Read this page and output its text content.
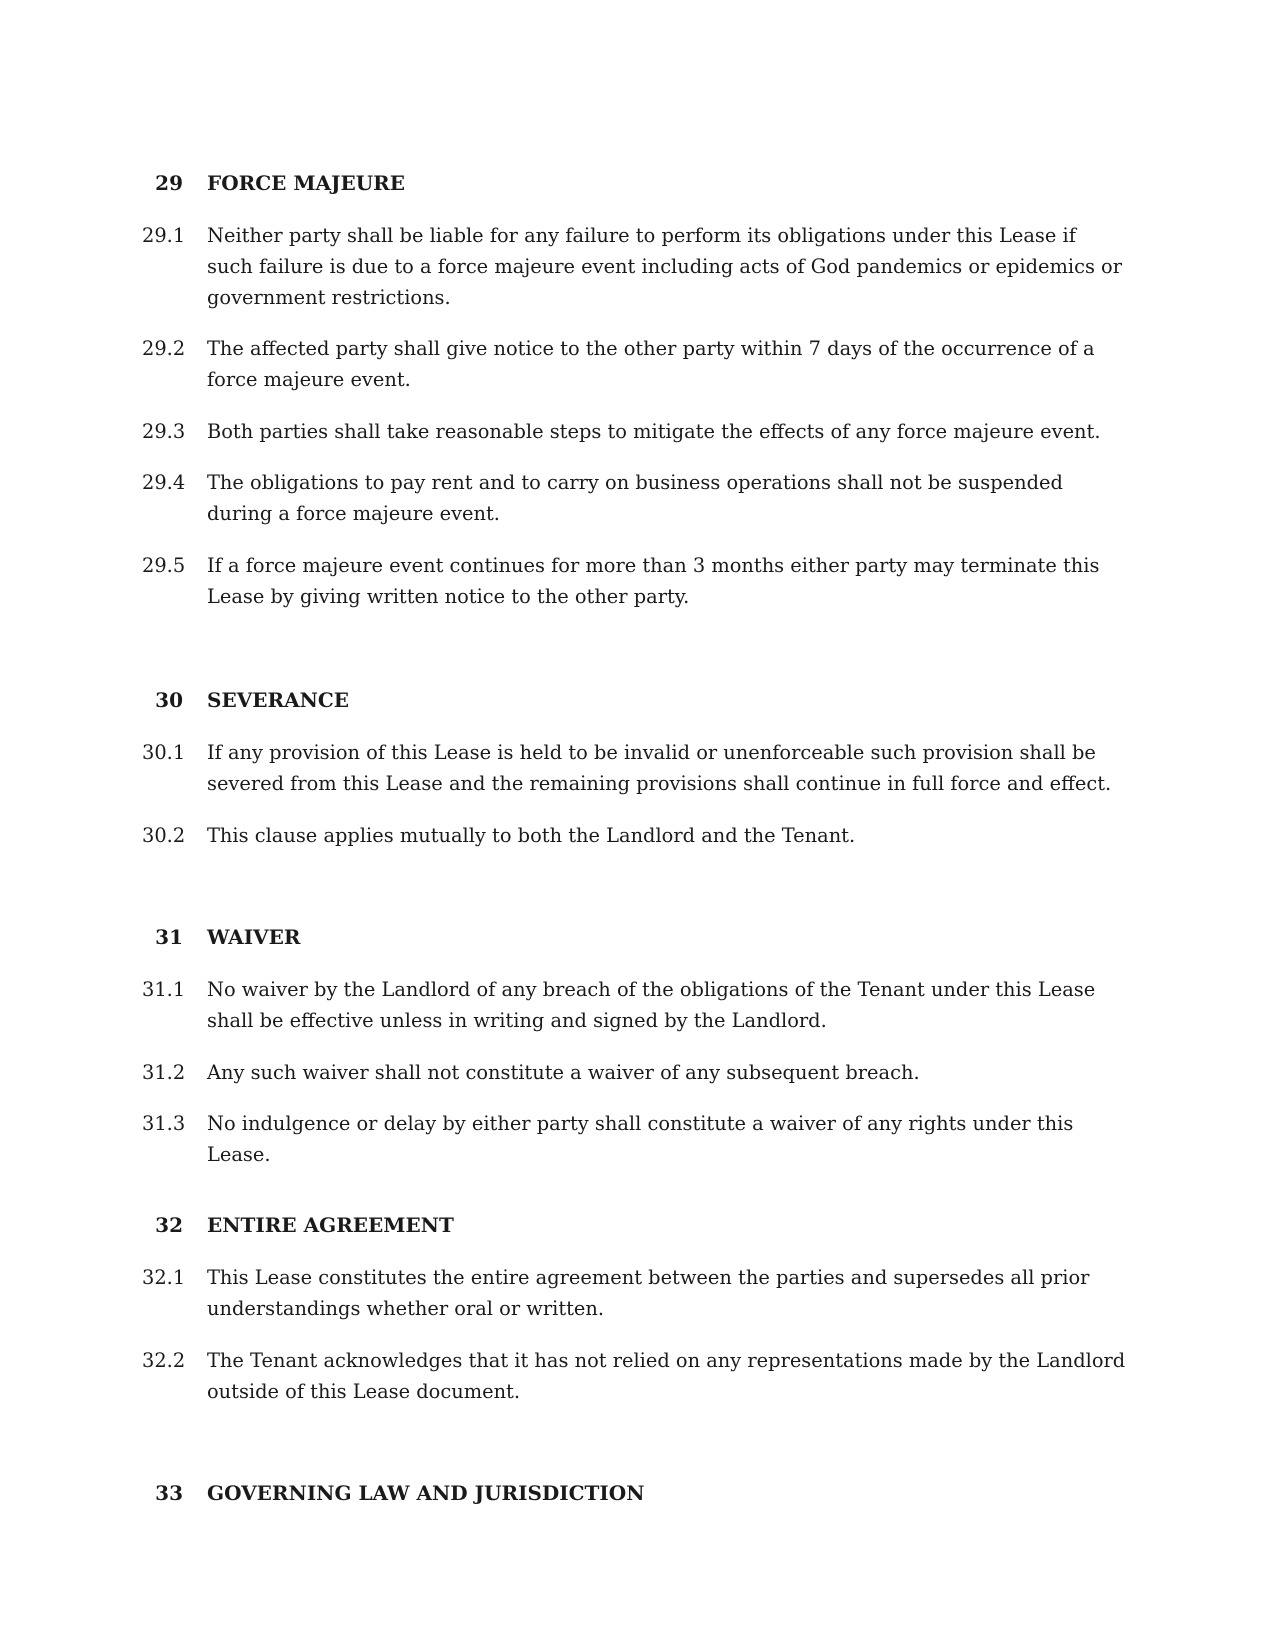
29 FORCE MAJEURE
29.1 Neither party shall be liable for any failure to perform its obligations under this Lease if such failure is due to a force majeure event including acts of God pandemics or epidemics or government restrictions.
29.2 The affected party shall give notice to the other party within 7 days of the occurrence of a force majeure event.
29.3 Both parties shall take reasonable steps to mitigate the effects of any force majeure event.
29.4 The obligations to pay rent and to carry on business operations shall not be suspended during a force majeure event.
29.5 If a force majeure event continues for more than 3 months either party may terminate this Lease by giving written notice to the other party.
30 SEVERANCE
30.1 If any provision of this Lease is held to be invalid or unenforceable such provision shall be severed from this Lease and the remaining provisions shall continue in full force and effect.
30.2 This clause applies mutually to both the Landlord and the Tenant.
31 WAIVER
31.1 No waiver by the Landlord of any breach of the obligations of the Tenant under this Lease shall be effective unless in writing and signed by the Landlord.
31.2 Any such waiver shall not constitute a waiver of any subsequent breach.
31.3 No indulgence or delay by either party shall constitute a waiver of any rights under this Lease.
32 ENTIRE AGREEMENT
32.1 This Lease constitutes the entire agreement between the parties and supersedes all prior understandings whether oral or written.
32.2 The Tenant acknowledges that it has not relied on any representations made by the Landlord outside of this Lease document.
33 GOVERNING LAW AND JURISDICTION
